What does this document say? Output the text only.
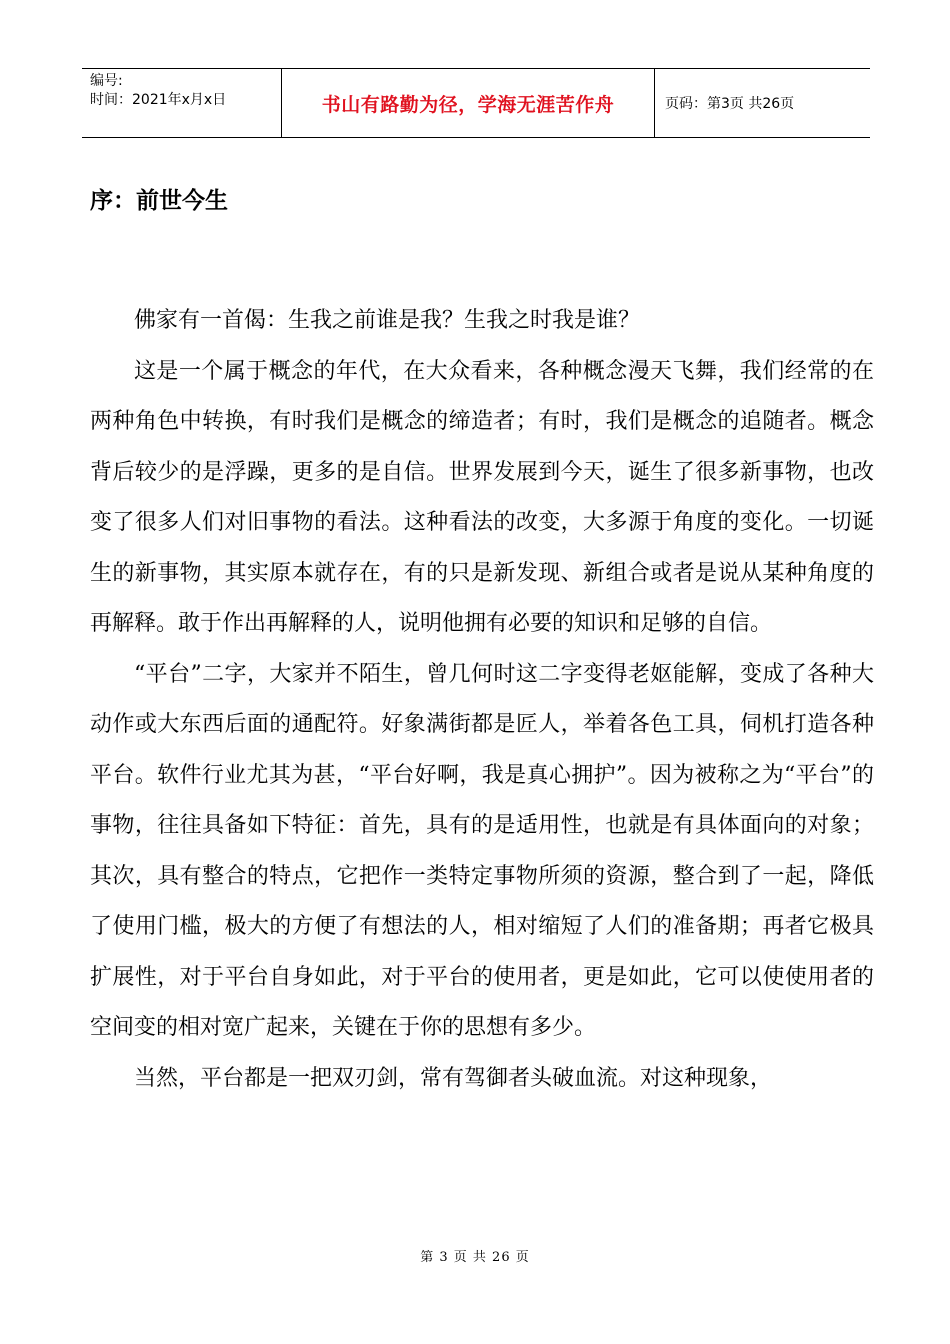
编号:
时间：2021年x月x日	书山有路勤为径，学海无涯苦作舟	页码：第3页 共26页
序：前世今生

佛家有一首偈：生我之前谁是我？生我之时我是谁？

这是一个属于概念的年代，在大众看来，各种概念漫天飞舞，我们经常的在两种角色中转换，有时我们是概念的缔造者；有时，我们是概念的追随者。概念背后较少的是浮躁，更多的是自信。世界发展到今天，诞生了很多新事物，也改变了很多人们对旧事物的看法。这种看法的改变，大多源于角度的变化。一切诞生的新事物，其实原本就存在，有的只是新发现、新组合或者是说从某种角度的再解释。敢于作出再解释的人，说明他拥有必要的知识和足够的自信。

“平台”二字，大家并不陌生，曾几何时这二字变得老妪能解，变成了各种大动作或大东西后面的通配符。好象满街都是匠人，举着各色工具，伺机打造各种平台。软件行业尤其为甚，“平台好啊，我是真心拥护”。因为被称之为“平台”的事物，往往具备如下特征：首先，具有的是适用性，也就是有具体面向的对象；其次，具有整合的特点，它把作一类特定事物所须的资源，整合到了一起，降低了使用门槛，极大的方便了有想法的人，相对缩短了人们的准备期；再者它极具扩展性，对于平台自身如此，对于平台的使用者，更是如此，它可以使使用者的空间变的相对宽广起来，关键在于你的思想有多少。

当然，平台都是一把双刃剑，常有驾御者头破血流。对这种现象，

第 3 页 共 26 页
